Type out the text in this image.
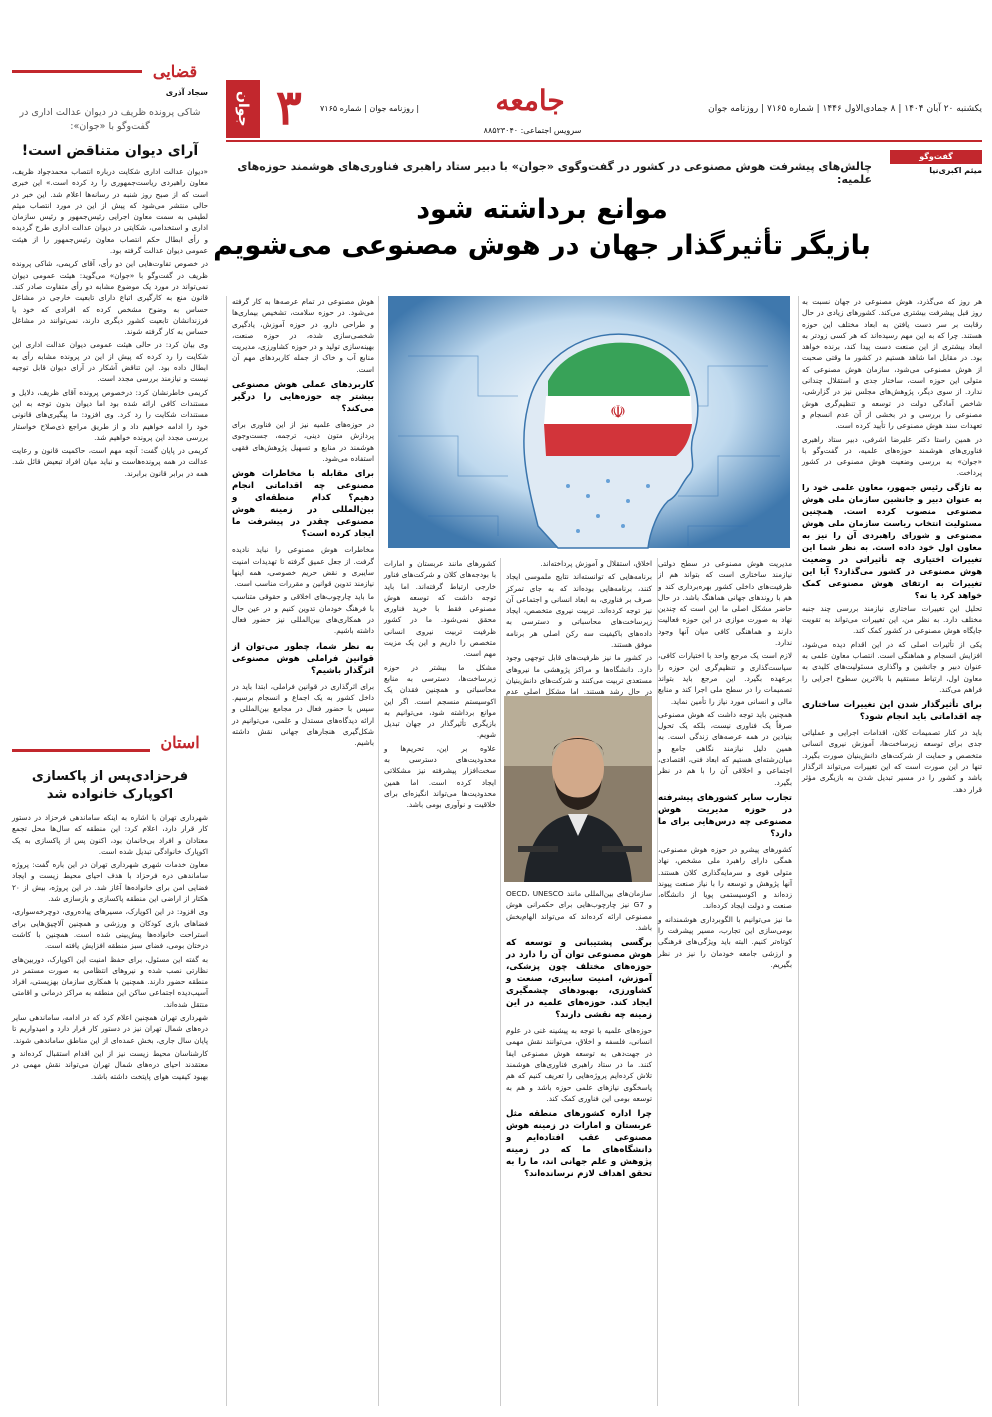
یکشنبه ۲۰ آبان ۱۴۰۴ | ۸ جمادی‌الاول ۱۴۴۶ | شماره ۷۱۶۵ | روزنامه جوان
جامعه
سرویس اجتماعی: ۸۸۵۲۳۰۴۰
| روزنامه جوان | شماره ۷۱۶۵
۳
جوان
گفت‌وگو
میثم اکبری‌نیا
چالش‌های پیشرفت هوش مصنوعی در کشور در گفت‌وگوی «جوان» با دبیر ستاد راهبری فناوری‌های هوشمند حوزه‌های علمیه:
موانع برداشته شود
بازیگر تأثیرگذار جهان در هوش مصنوعی می‌شویم
☫

هر روز که می‌گذرد، هوش مصنوعی در جهان نسبت به روز قبل پیشرفت بیشتری می‌کند. کشورهای زیادی در حال رقابت بر سر دست یافتن به ابعاد مختلف این حوزه هستند. چرا که به این مهم رسیده‌اند که هر کسی زودتر به ابعاد بیشتری از این صنعت دست پیدا کند، برنده خواهد بود. در مقابل اما شاهد هستیم در کشور ما وقتی صحبت از هوش مصنوعی می‌شود، سازمان هوش مصنوعی که متولی این حوزه است، ساختار جدی و استقلال چندانی ندارد. از سوی دیگر، پژوهش‌های مجلس نیز در گزارشی، شاخص آمادگی دولت در توسعه و تنظیم‌گری هوش مصنوعی را بررسی و در بخشی از آن عدم انسجام و تعهدات سند هوش مصنوعی را تأیید کرده است.

در همین راستا دکتر علیرضا اشرفی، دبیر ستاد راهبری فناوری‌های هوشمند حوزه‌های علمیه، در گفت‌وگو با «جوان» به بررسی وضعیت هوش مصنوعی در کشور پرداخت.

به تازگی رئیس جمهور، معاون علمی خود را به عنوان دبیر و جانشین سازمان ملی هوش مصنوعی منصوب کرده است. همچنین مسئولیت انتخاب ریاست سازمان ملی هوش مصنوعی و شورای راهبردی آن را نیز به معاون اول خود داده است. به نظر شما این تغییرات اختیاری چه تأثیراتی در وضعیت هوش مصنوعی در کشور می‌گذارد؟ آیا این تغییرات به ارتقای هوش مصنوعی کمک خواهد کرد یا نه؟

تحلیل این تغییرات ساختاری نیازمند بررسی چند جنبه مختلف دارد. به نظر من، این تغییرات می‌تواند به تقویت جایگاه هوش مصنوعی در کشور کمک کند.

یکی از تأثیرات اصلی که در این اقدام دیده می‌شود، افزایش انسجام و هماهنگی است. انتصاب معاون علمی به عنوان دبیر و جانشین و واگذاری مسئولیت‌های کلیدی به معاون اول، ارتباط مستقیم با بالاترین سطوح اجرایی را فراهم می‌کند.

برای تأثیرگذار شدن این تغییرات ساختاری چه اقداماتی باید انجام شود؟

باید در کنار تصمیمات کلان، اقدامات اجرایی و عملیاتی جدی برای توسعه زیرساخت‌ها، آموزش نیروی انسانی متخصص و حمایت از شرکت‌های دانش‌بنیان صورت بگیرد. تنها در این صورت است که این تغییرات می‌تواند اثرگذار باشد و کشور را در مسیر تبدیل شدن به بازیگری مؤثر قرار دهد.

مدیریت هوش مصنوعی در سطح دولتی نیازمند ساختاری است که بتواند هم از ظرفیت‌های داخلی کشور بهره‌برداری کند و هم با روندهای جهانی هماهنگ باشد. در حال حاضر مشکل اصلی ما این است که چندین نهاد به صورت موازی در این حوزه فعالیت دارند و هماهنگی کافی میان آنها وجود ندارد.

لازم است یک مرجع واحد با اختیارات کافی، سیاست‌گذاری و تنظیم‌گری این حوزه را برعهده بگیرد. این مرجع باید بتواند تصمیمات را در سطح ملی اجرا کند و منابع مالی و انسانی مورد نیاز را تأمین نماید.

همچنین باید توجه داشت که هوش مصنوعی صرفاً یک فناوری نیست، بلکه یک تحول بنیادین در همه عرصه‌های زندگی است. به همین دلیل نیازمند نگاهی جامع و میان‌رشته‌ای هستیم که ابعاد فنی، اقتصادی، اجتماعی و اخلاقی آن را با هم در نظر بگیرد.

تجارب سایر کشورهای پیشرفته در حوزه مدیریت هوش مصنوعی چه درس‌هایی برای ما دارد؟

کشورهای پیشرو در حوزه هوش مصنوعی، همگی دارای راهبرد ملی مشخص، نهاد متولی قوی و سرمایه‌گذاری کلان هستند. آنها پژوهش و توسعه را با نیاز صنعت پیوند زده‌اند و اکوسیستمی پویا از دانشگاه، صنعت و دولت ایجاد کرده‌اند.

ما نیز می‌توانیم با الگوبرداری هوشمندانه و بومی‌سازی این تجارب، مسیر پیشرفت را کوتاه‌تر کنیم. البته باید ویژگی‌های فرهنگی و ارزشی جامعه خودمان را نیز در نظر بگیریم.

اخلاق، استقلال و آموزش پرداخته‌اند.

برنامه‌هایی که توانسته‌اند نتایج ملموسی ایجاد کنند، برنامه‌هایی بوده‌اند که به جای تمرکز صرف بر فناوری، به ابعاد انسانی و اجتماعی آن نیز توجه کرده‌اند. تربیت نیروی متخصص، ایجاد زیرساخت‌های محاسباتی و دسترسی به داده‌های باکیفیت سه رکن اصلی هر برنامه موفق هستند.

در کشور ما نیز ظرفیت‌های قابل توجهی وجود دارد. دانشگاه‌ها و مراکز پژوهشی ما نیروهای مستعدی تربیت می‌کنند و شرکت‌های دانش‌بنیان در حال رشد هستند. اما مشکل اصلی عدم

سازمان‌های بین‌المللی مانند OECD، UNESCO و G7 نیز چارچوب‌هایی برای حکمرانی هوش مصنوعی ارائه کرده‌اند که می‌تواند الهام‌بخش باشد.

برگسی پشتیبانی و توسعه که هوش مصنوعی توان آن را دارد در حوزه‌های مختلف چون پزشکی، آموزش، امنیت سایبری، صنعت و کشاورزی، بهبودهای چشمگیری ایجاد کند. حوزه‌های علمیه در این زمینه چه نقشی دارند؟

حوزه‌های علمیه با توجه به پیشینه غنی در علوم انسانی، فلسفه و اخلاق، می‌توانند نقش مهمی در جهت‌دهی به توسعه هوش مصنوعی ایفا کنند. ما در ستاد راهبری فناوری‌های هوشمند تلاش کرده‌ایم پروژه‌هایی را تعریف کنیم که هم پاسخگوی نیازهای علمی حوزه باشد و هم به توسعه بومی این فناوری کمک کند.

چرا اداره کشورهای منطقه مثل عربستان و امارات در زمینه هوش مصنوعی عقب افتاده‌ایم و دانشگاه‌های ما که در زمینه پژوهش و علم جهانی اند، ما را به تحقق اهداف لازم نرسانده‌اند؟

کشورهای مانند عربستان و امارات با بودجه‌های کلان و شرکت‌های فناور خارجی ارتباط گرفته‌اند. اما باید توجه داشت که توسعه هوش مصنوعی فقط با خرید فناوری محقق نمی‌شود. ما در کشور ظرفیت تربیت نیروی انسانی متخصص را داریم و این یک مزیت مهم است.

مشکل ما بیشتر در حوزه زیرساخت‌ها، دسترسی به منابع محاسباتی و همچنین فقدان یک اکوسیستم منسجم است. اگر این موانع برداشته شود، می‌توانیم به بازیگری تأثیرگذار در جهان تبدیل شویم.

علاوه بر این، تحریم‌ها و محدودیت‌های دسترسی به سخت‌افزار پیشرفته نیز مشکلاتی ایجاد کرده است. اما همین محدودیت‌ها می‌تواند انگیزه‌ای برای خلاقیت و نوآوری بومی باشد.

هوش مصنوعی در تمام عرصه‌ها به کار گرفته می‌شود. در حوزه سلامت، تشخیص بیماری‌ها و طراحی دارو، در حوزه آموزش، یادگیری شخصی‌سازی شده، در حوزه صنعت، بهینه‌سازی تولید و در حوزه کشاورزی، مدیریت منابع آب و خاک از جمله کاربردهای مهم آن است.

کاربردهای عملی هوش مصنوعی بیشتر چه حوزه‌هایی را درگیر می‌کند؟

در حوزه‌های علمیه نیز از این فناوری برای پردازش متون دینی، ترجمه، جست‌وجوی هوشمند در منابع و تسهیل پژوهش‌های فقهی استفاده می‌شود.

برای مقابله با مخاطرات هوش مصنوعی چه اقداماتی انجام دهیم؟ کدام منطقه‌ای و بین‌المللی در زمینه هوش مصنوعی چقدر در پیشرفت ما ایجاد کرده است؟

مخاطرات هوش مصنوعی را نباید نادیده گرفت. از جعل عمیق گرفته تا تهدیدات امنیت سایبری و نقض حریم خصوصی، همه اینها نیازمند تدوین قوانین و مقررات مناسب است.

ما باید چارچوب‌های اخلاقی و حقوقی متناسب با فرهنگ خودمان تدوین کنیم و در عین حال در همکاری‌های بین‌المللی نیز حضور فعال داشته باشیم.

به نظر شما، چطور می‌توان از قوانین فراملی هوش مصنوعی اثرگذار باشیم؟

برای اثرگذاری در قوانین فراملی، ابتدا باید در داخل کشور به یک اجماع و انسجام برسیم. سپس با حضور فعال در مجامع بین‌المللی و ارائه دیدگاه‌های مستدل و علمی، می‌توانیم در شکل‌گیری هنجارهای جهانی نقش داشته باشیم.

قضایی
سجاد آذری
شاکی پرونده ظریف در دیوان عدالت اداری در گفت‌وگو با «جوان»:
آرای دیوان متناقض است!

«دیوان عدالت اداری شکایت درباره انتصاب محمدجواد ظریف، معاون راهبردی ریاست‌جمهوری را رد کرده است.» این خبری است که از صبح روز شنبه در رسانه‌ها اعلام شد. این خبر در حالی منتشر می‌شود که پیش از این در مورد انتصاب میثم لطیفی به سمت معاون اجرایی رئیس‌جمهور و رئیس سازمان اداری و استخدامی، شکایتی در دیوان عدالت اداری طرح گردیده و رأی ابطال حکم انتصاب معاون رئیس‌جمهور را از هیئت عمومی دیوان عدالت گرفته بود.

در خصوص تفاوت‌هایی این دو رأی، آقای کریمی، شاکی پرونده ظریف در گفت‌وگو با «جوان» می‌گوید: هیئت عمومی دیوان نمی‌تواند در مورد یک موضوع مشابه دو رأی متفاوت صادر کند. قانون منع به کارگیری اتباع دارای تابعیت خارجی در مشاغل حساس به وضوح مشخص کرده که افرادی که خود یا فرزندانشان تابعیت کشور دیگری دارند، نمی‌توانند در مشاغل حساس به کار گرفته شوند.

وی بیان کرد: در حالی هیئت عمومی دیوان عدالت اداری این شکایت را رد کرده که پیش از این در پرونده مشابه رأی به ابطال داده بود. این تناقض آشکار در آرای دیوان قابل توجیه نیست و نیازمند بررسی مجدد است.

کریمی خاطرنشان کرد: درخصوص پرونده آقای ظریف، دلایل و مستندات کافی ارائه شده بود اما دیوان بدون توجه به این مستندات شکایت را رد کرد. وی افزود: ما پیگیری‌های قانونی خود را ادامه خواهیم داد و از طریق مراجع ذی‌صلاح خواستار بررسی مجدد این پرونده خواهیم شد.

کریمی در پایان گفت: آنچه مهم است، حاکمیت قانون و رعایت عدالت در همه پرونده‌هاست و نباید میان افراد تبعیض قائل شد. همه در برابر قانون برابرند.

استان
فرحزادی‌پس از پاکسازی اکوپارک خانواده شد

شهرداری تهران با اشاره به اینکه ساماندهی فرحزاد در دستور کار قرار دارد، اعلام کرد: این منطقه که سال‌ها محل تجمع معتادان و افراد بی‌خانمان بود، اکنون پس از پاکسازی به یک اکوپارک خانوادگی تبدیل شده است.

معاون خدمات شهری شهرداری تهران در این باره گفت: پروژه ساماندهی دره فرحزاد با هدف احیای محیط زیست و ایجاد فضایی امن برای خانواده‌ها آغاز شد. در این پروژه، بیش از ۲۰ هکتار از اراضی این منطقه پاکسازی و بازسازی شد.

وی افزود: در این اکوپارک، مسیرهای پیاده‌روی، دوچرخه‌سواری، فضاهای بازی کودکان و ورزشی و همچنین آلاچیق‌هایی برای استراحت خانواده‌ها پیش‌بینی شده است. همچنین با کاشت درختان بومی، فضای سبز منطقه افزایش یافته است.

به گفته این مسئول، برای حفظ امنیت این اکوپارک، دوربین‌های نظارتی نصب شده و نیروهای انتظامی به صورت مستمر در منطقه حضور دارند. همچنین با همکاری سازمان بهزیستی، افراد آسیب‌دیده اجتماعی ساکن این منطقه به مراکز درمانی و اقامتی منتقل شده‌اند.

شهرداری تهران همچنین اعلام کرد که در ادامه، ساماندهی سایر دره‌های شمال تهران نیز در دستور کار قرار دارد و امیدواریم تا پایان سال جاری، بخش عمده‌ای از این مناطق ساماندهی شوند.

کارشناسان محیط زیست نیز از این اقدام استقبال کرده‌اند و معتقدند احیای دره‌های شمال تهران می‌تواند نقش مهمی در بهبود کیفیت هوای پایتخت داشته باشد.
